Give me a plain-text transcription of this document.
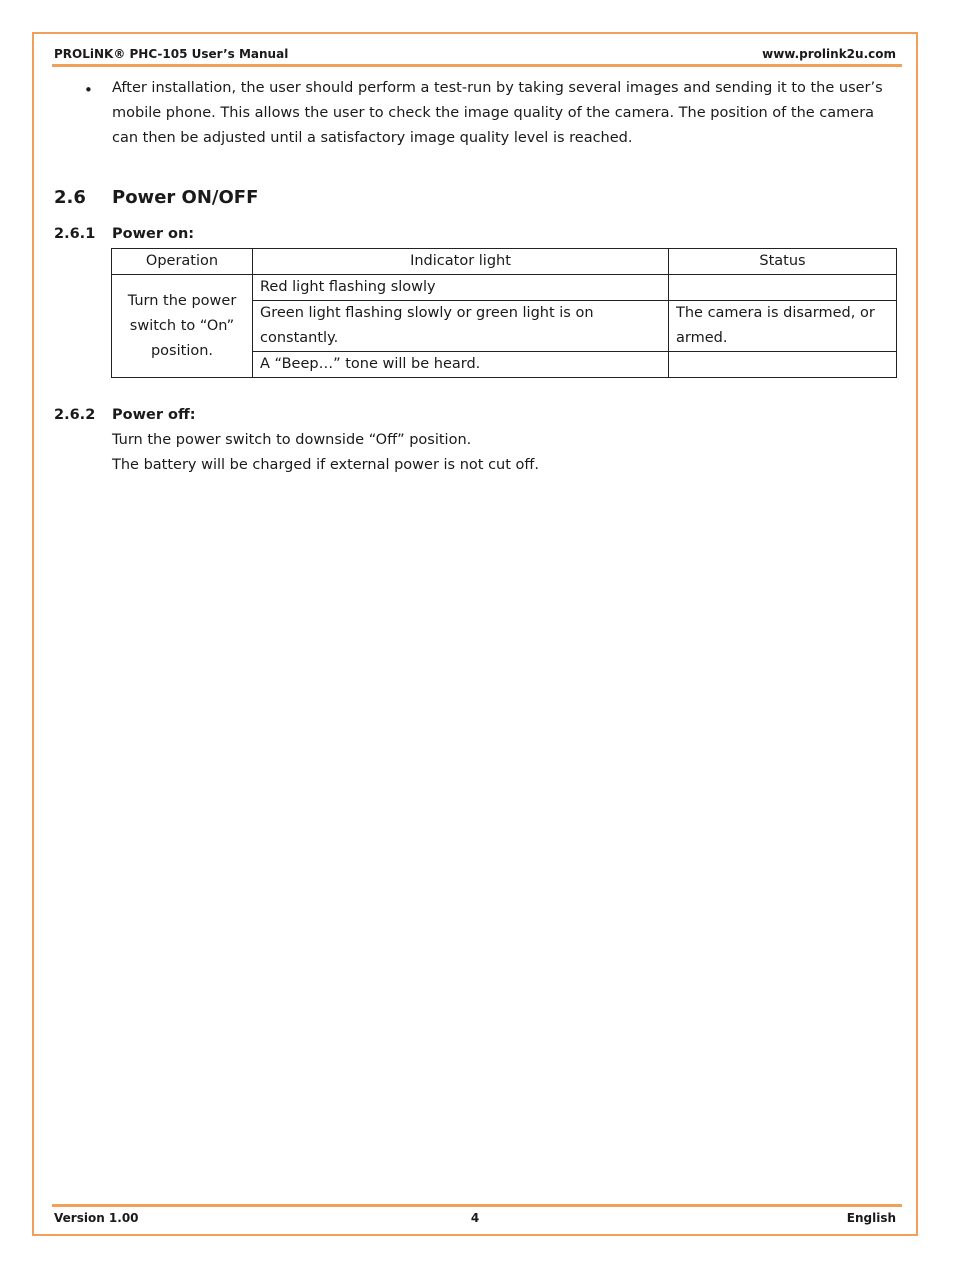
PROLiNK® PHC-105 User’s Manual	www.prolink2u.com
• After installation, the user should perform a test-run by taking several images and sending it to the user’s mobile phone. This allows the user to check the image quality of the camera. The position of the camera can then be adjusted until a satisfactory image quality level is reached.
2.6 Power ON/OFF
2.6.1 Power on:
Operation	Indicator light	Status
Turn the power switch to “On” position.	Red light flashing slowly	
	Green light flashing slowly or green light is on constantly.	The camera is disarmed, or armed.
	A “Beep…” tone will be heard.	
2.6.2 Power off:
Turn the power switch to downside “Off” position.
The battery will be charged if external power is not cut off.
Version 1.00	4	English
